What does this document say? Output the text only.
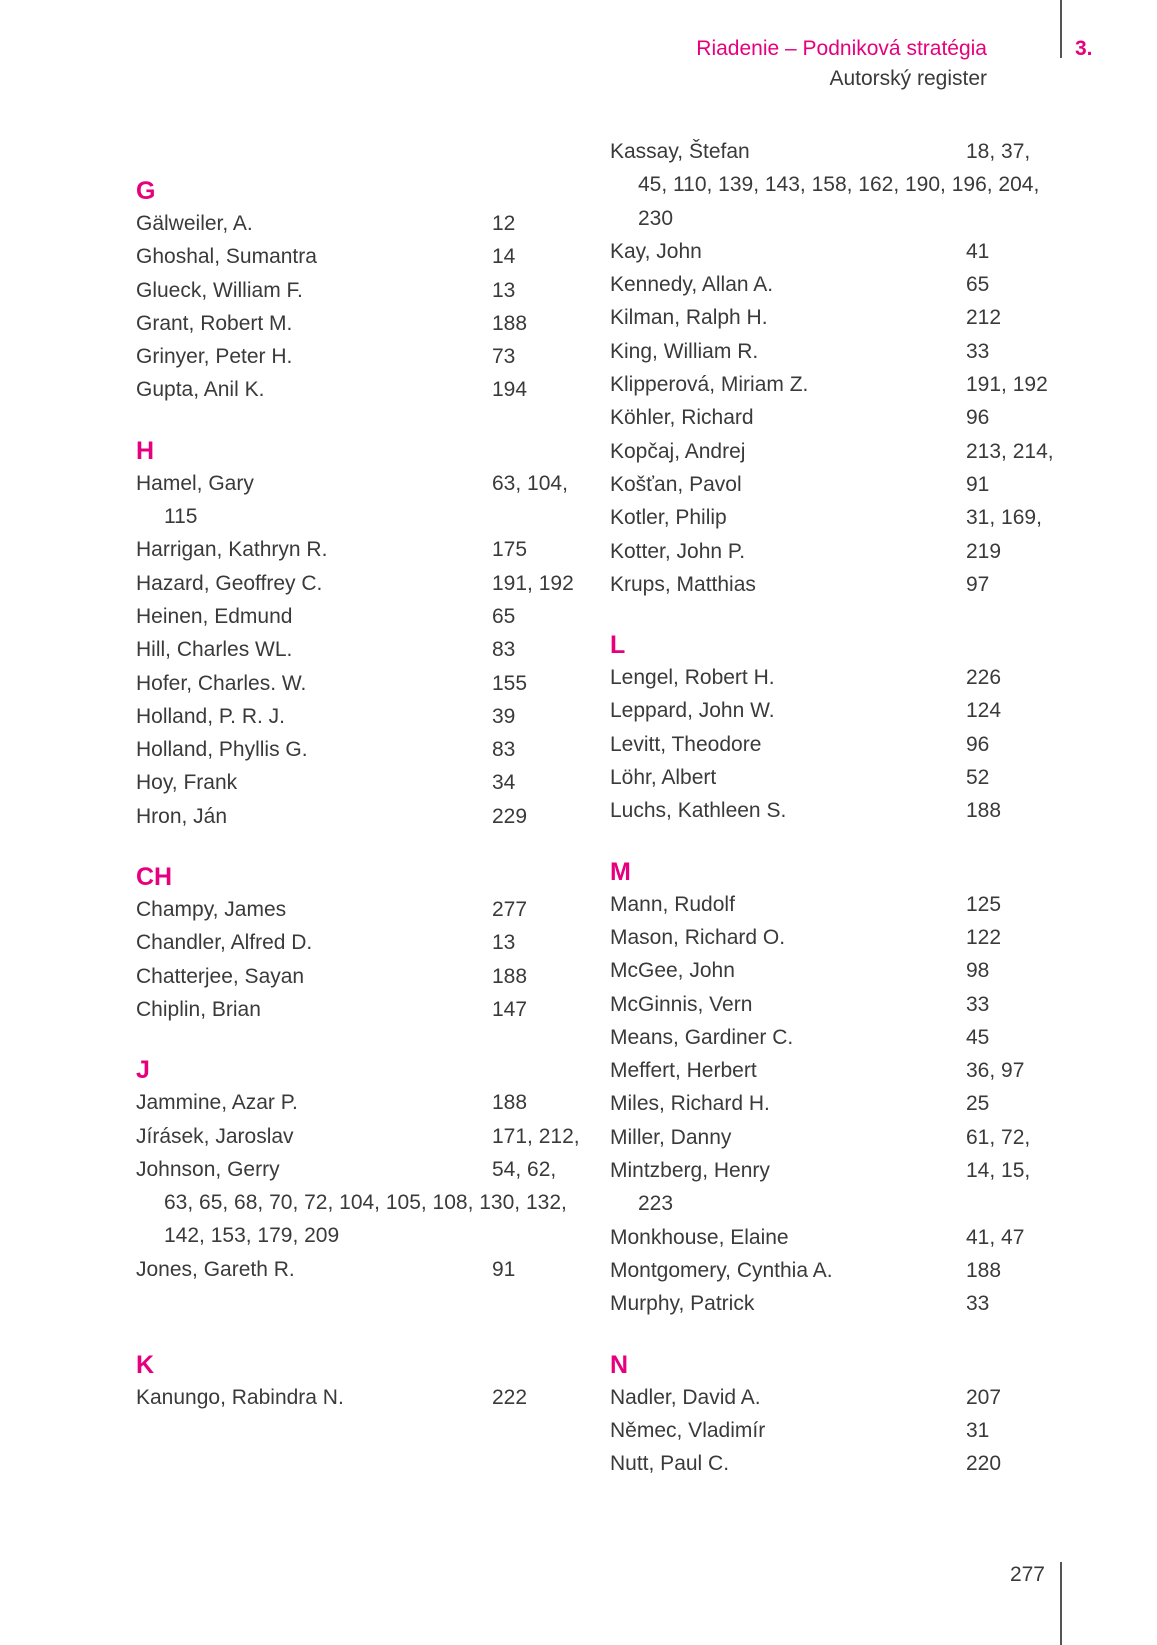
Riadenie – Podniková stratégia
Autorský register
3.
G
Gälweiler, A.	12
Ghoshal, Sumantra	14
Glueck, William F.	13
Grant, Robert M.	188
Grinyer, Peter H.	73
Gupta, Anil K.	194
H
Hamel, Gary	63, 104,
115
Harrigan, Kathryn R.	175
Hazard, Geoffrey C.	191, 192
Heinen, Edmund	65
Hill, Charles WL.	83
Hofer, Charles. W.	155
Holland, P. R. J.	39
Holland, Phyllis G.	83
Hoy, Frank	34
Hron, Ján	229
CH
Champy, James	277
Chandler, Alfred D.	13
Chatterjee, Sayan	188
Chiplin, Brian	147
J
Jammine, Azar P.	188
Jírásek, Jaroslav	171, 212,
Johnson, Gerry	54, 62,
63, 65, 68, 70, 72, 104, 105, 108, 130, 132,
142, 153, 179, 209
Jones, Gareth R.	91
K
Kanungo, Rabindra N.	222
Kassay, Štefan	18, 37,
45, 110, 139, 143, 158, 162, 190, 196, 204,
230
Kay, John	41
Kennedy, Allan A.	65
Kilman, Ralph H.	212
King, William R.	33
Klipperová, Miriam Z.	191, 192
Köhler, Richard	96
Kopčaj, Andrej	213, 214,
Košťan, Pavol	91
Kotler, Philip	31, 169,
Kotter, John P.	219
Krups, Matthias	97
L
Lengel, Robert H.	226
Leppard, John W.	124
Levitt, Theodore	96
Löhr, Albert	52
Luchs, Kathleen S.	188
M
Mann, Rudolf	125
Mason, Richard O.	122
McGee, John	98
McGinnis, Vern	33
Means, Gardiner C.	45
Meffert, Herbert	36, 97
Miles, Richard H.	25
Miller, Danny	61, 72,
Mintzberg, Henry	14, 15,
223
Monkhouse, Elaine	41, 47
Montgomery, Cynthia A.	188
Murphy, Patrick	33
N
Nadler, David A.	207
Němec, Vladimír	31
Nutt, Paul C.	220
277
